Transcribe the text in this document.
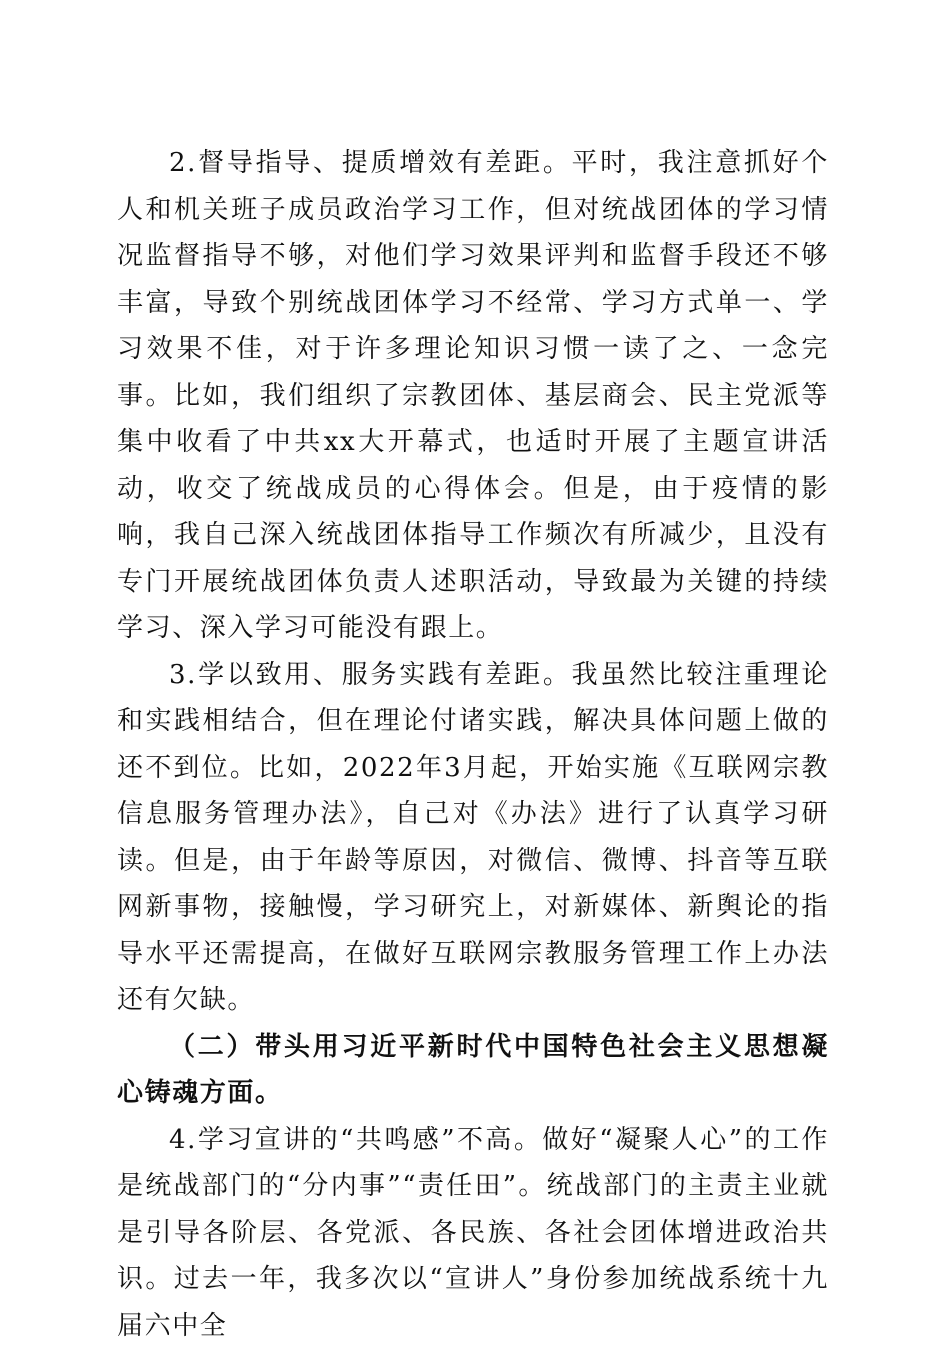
2.督导指导、提质增效有差距。平时，我注意抓好个人和机关班子成员政治学习工作，但对统战团体的学习情况监督指导不够，对他们学习效果评判和监督手段还不够丰富，导致个别统战团体学习不经常、学习方式单一、学习效果不佳，对于许多理论知识习惯一读了之、一念完事。比如，我们组织了宗教团体、基层商会、民主党派等集中收看了中共xx大开幕式，也适时开展了主题宣讲活动，收交了统战成员的心得体会。但是，由于疫情的影响，我自己深入统战团体指导工作频次有所减少，且没有专门开展统战团体负责人述职活动，导致最为关键的持续学习、深入学习可能没有跟上。

3.学以致用、服务实践有差距。我虽然比较注重理论和实践相结合，但在理论付诸实践，解决具体问题上做的还不到位。比如，2022年3月起，开始实施《互联网宗教信息服务管理办法》，自己对《办法》进行了认真学习研读。但是，由于年龄等原因，对微信、微博、抖音等互联网新事物，接触慢，学习研究上，对新媒体、新舆论的指导水平还需提高，在做好互联网宗教服务管理工作上办法还有欠缺。

（二）带头用习近平新时代中国特色社会主义思想凝心铸魂方面。

4.学习宣讲的“共鸣感”不高。做好“凝聚人心”的工作是统战部门的“分内事”“责任田”。统战部门的主责主业就是引导各阶层、各党派、各民族、各社会团体增进政治共识。过去一年，我多次以“宣讲人”身份参加统战系统十九届六中全
